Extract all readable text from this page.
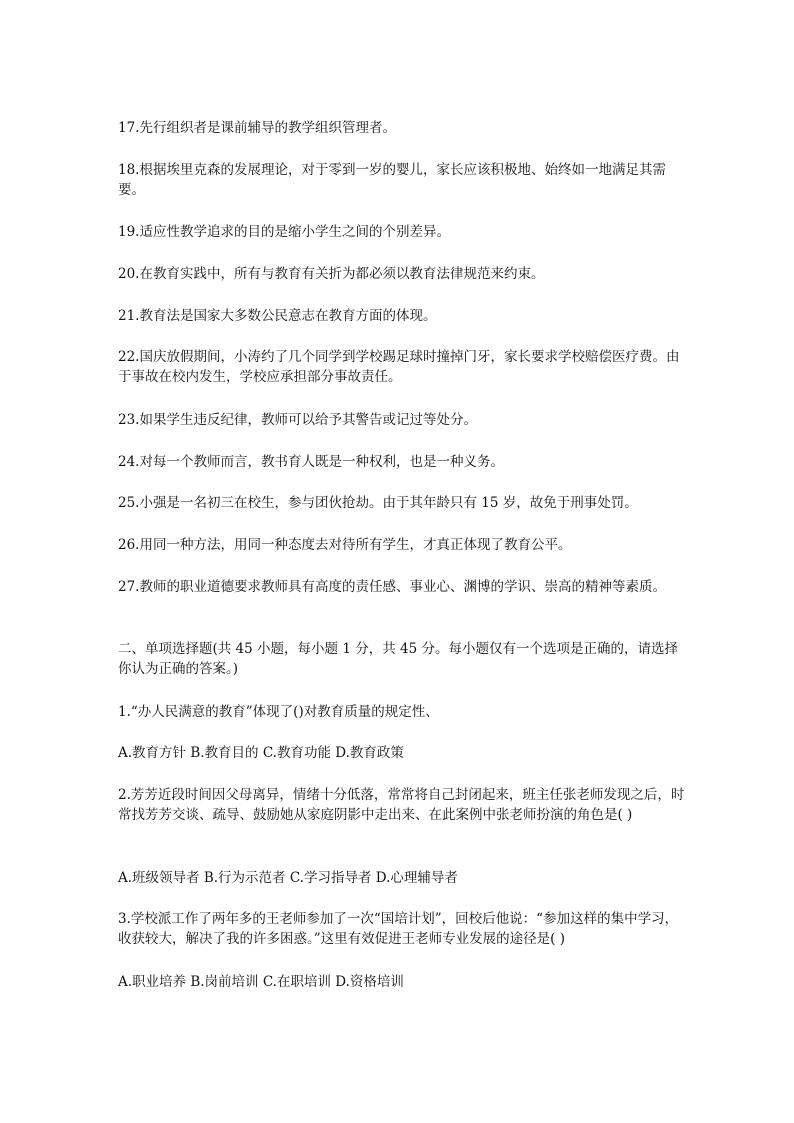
17.先行组织者是课前辅导的教学组织管理者。

18.根据埃里克森的发展理论，对于零到一岁的婴儿，家长应该积极地、始终如一地满足其需要。

19.适应性教学追求的目的是缩小学生之间的个别差异。

20.在教育实践中，所有与教育有关折为都必须以教育法律规范来约束。

21.教育法是国家大多数公民意志在教育方面的体现。

22.国庆放假期间，小涛约了几个同学到学校踢足球时撞掉门牙，家长要求学校赔偿医疗费。由于事故在校内发生，学校应承担部分事故责任。

23.如果学生违反纪律，教师可以给予其警告或记过等处分。

24.对每一个教师而言，教书育人既是一种权利，也是一种义务。

25.小强是一名初三在校生，参与团伙抢劫。由于其年龄只有 15 岁，故免于刑事处罚。

26.用同一种方法，用同一种态度去对待所有学生，才真正体现了教育公平。

27.教师的职业道德要求教师具有高度的责任感、事业心、渊博的学识、崇高的精神等素质。

二、单项选择题(共 45 小题，每小题 1 分，共 45 分。每小题仅有一个选项是正确的，请选择你认为正确的答案。)

1.“办人民满意的教育”体现了()对教育质量的规定性、

A.教育方针 B.教育目的 C.教育功能 D.教育政策

2.芳芳近段时间因父母离异，情绪十分低落，常常将自己封闭起来，班主任张老师发现之后，时常找芳芳交谈、疏导、鼓励她从家庭阴影中走出来、在此案例中张老师扮演的角色是( )

A.班级领导者 B.行为示范者 C.学习指导者 D.心理辅导者

3.学校派工作了两年多的王老师参加了一次“国培计划”，回校后他说：“参加这样的集中学习，收获较大，解决了我的许多困惑。”这里有效促进王老师专业发展的途径是( )

A.职业培养 B.岗前培训 C.在职培训 D.资格培训
